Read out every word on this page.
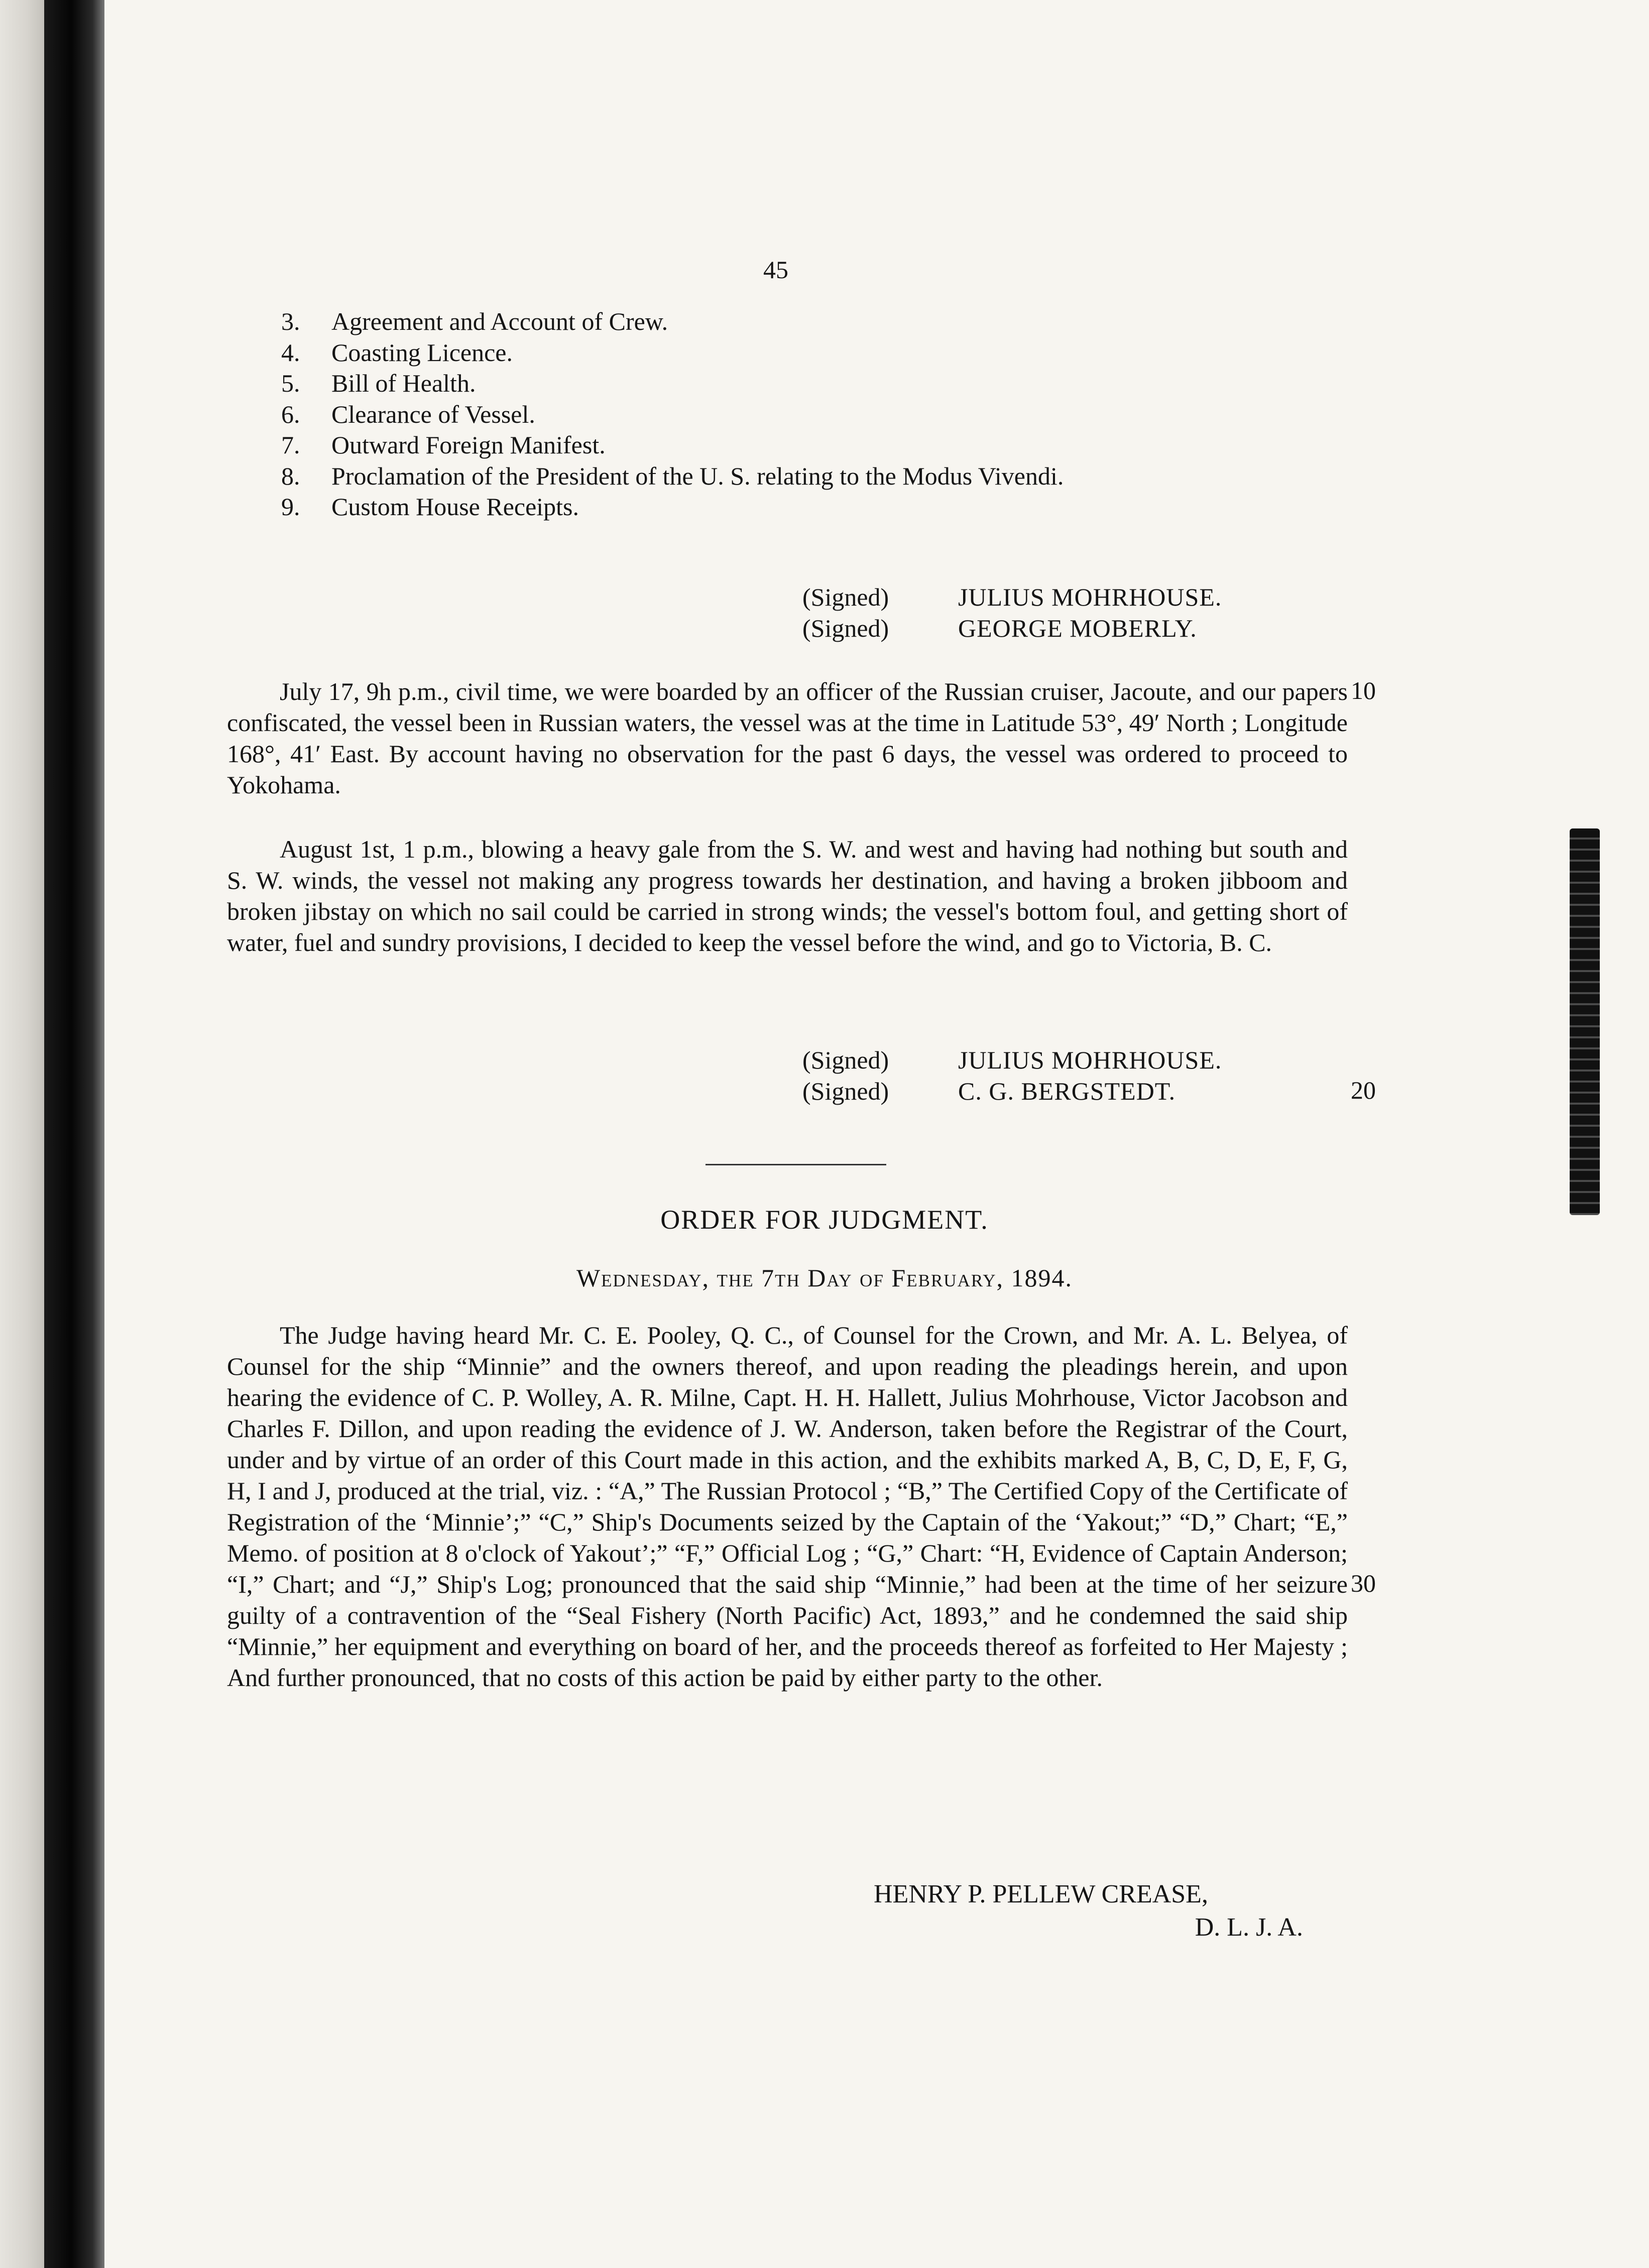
45
3.	Agreement and Account of Crew.
4.	Coasting Licence.
5.	Bill of Health.
6.	Clearance of Vessel.
7.	Outward Foreign Manifest.
8.	Proclamation of the President of the U. S. relating to the Modus Vivendi.
9.	Custom House Receipts.
(Signed)	JULIUS MOHRHOUSE.
(Signed)	GEORGE MOBERLY.

July 17, 9h p.m., civil time, we were boarded by an officer of the Russian cruiser, Jacoute, and our papers confiscated, the vessel been in Russian waters, the vessel was at the time in Latitude 53°, 49′ North ; Longitude 168°, 41′ East. By account having no observation for the past 6 days, the vessel was ordered to proceed to Yokohama.

10

August 1st, 1 p.m., blowing a heavy gale from the S. W. and west and having had nothing but south and S. W. winds, the vessel not making any progress towards her destination, and having a broken jibboom and broken jibstay on which no sail could be carried in strong winds; the vessel's bottom foul, and getting short of water, fuel and sundry provisions, I decided to keep the vessel before the wind, and go to Victoria, B. C.

(Signed)	JULIUS MOHRHOUSE.
(Signed)	C. G. BERGSTEDT.	20
ORDER FOR JUDGMENT.
Wednesday, the 7th Day of February, 1894.

The Judge having heard Mr. C. E. Pooley, Q. C., of Counsel for the Crown, and Mr. A. L. Belyea, of Counsel for the ship “Minnie” and the owners thereof, and upon reading the pleadings herein, and upon hearing the evidence of C. P. Wolley, A. R. Milne, Capt. H. H. Hallett, Julius Mohrhouse, Victor Jacobson and Charles F. Dillon, and upon reading the evidence of J. W. Anderson, taken before the Registrar of the Court, under and by virtue of an order of this Court made in this action, and the exhibits marked A, B, C, D, E, F, G, H, I and J, produced at the trial, viz. : “A,” The Russian Protocol ; “B,” The Certified Copy of the Certificate of Registration of the ‘Minnie’;” “C,” Ship's Documents seized by the Captain of the ‘Yakout;” “D,” Chart; “E,” Memo. of position at 8 o'clock of Yakout’;” “F,” Official Log ; “G,” Chart: “H, Evidence of Captain Anderson; “I,” Chart; and “J,” Ship's Log; pronounced that the said ship “Minnie,” had been at the time of her seizure guilty of a contravention of the “Seal Fishery (North Pacific) Act, 1893,” and he condemned the said ship “Minnie,” her equipment and everything on board of her, and the proceeds thereof as forfeited to Her Majesty ; And further pronounced, that no costs of this action be paid by either party to the other.

30
HENRY P. PELLEW CREASE,
D. L. J. A.
